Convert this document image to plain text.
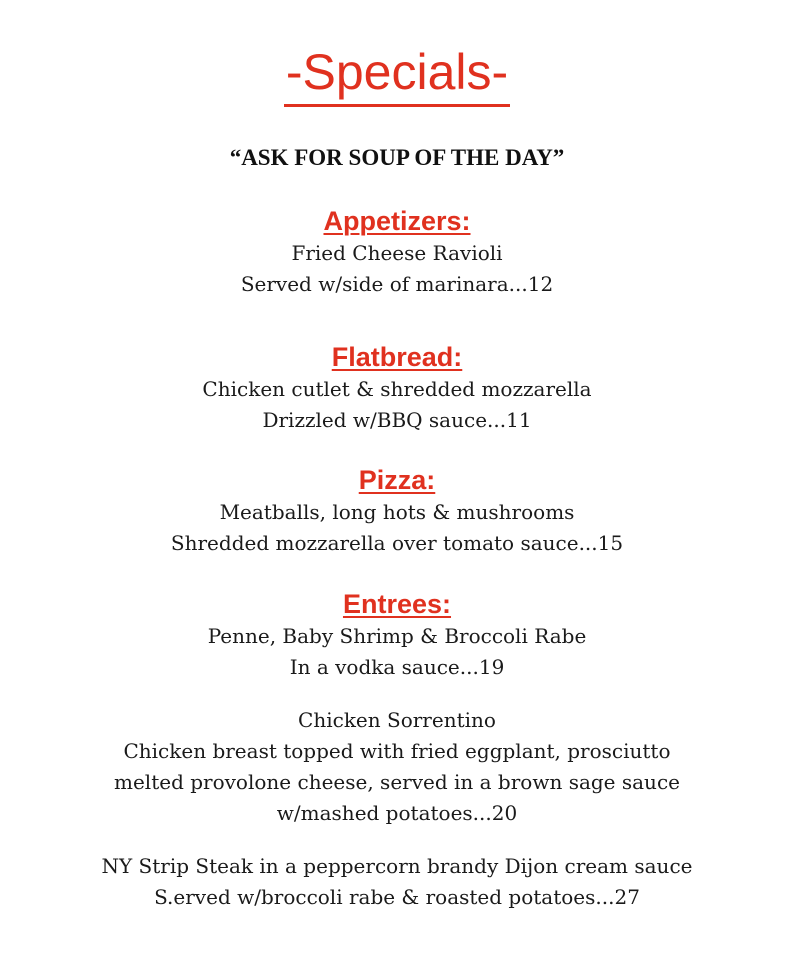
-Specials-
“ASK FOR SOUP OF THE DAY”
Appetizers:
Fried Cheese Ravioli
Served w/side of marinara...12
Flatbread:
Chicken cutlet & shredded mozzarella
Drizzled w/BBQ sauce...11
Pizza:
Meatballs, long hots & mushrooms
Shredded mozzarella over tomato sauce...15
Entrees:
Penne, Baby Shrimp & Broccoli Rabe
In a vodka sauce...19
Chicken Sorrentino
Chicken breast topped with fried eggplant, prosciutto
melted provolone cheese, served in a brown sage sauce
w/mashed potatoes...20
NY Strip Steak in a peppercorn brandy Dijon cream sauce
S.erved w/broccoli rabe & roasted potatoes...27
